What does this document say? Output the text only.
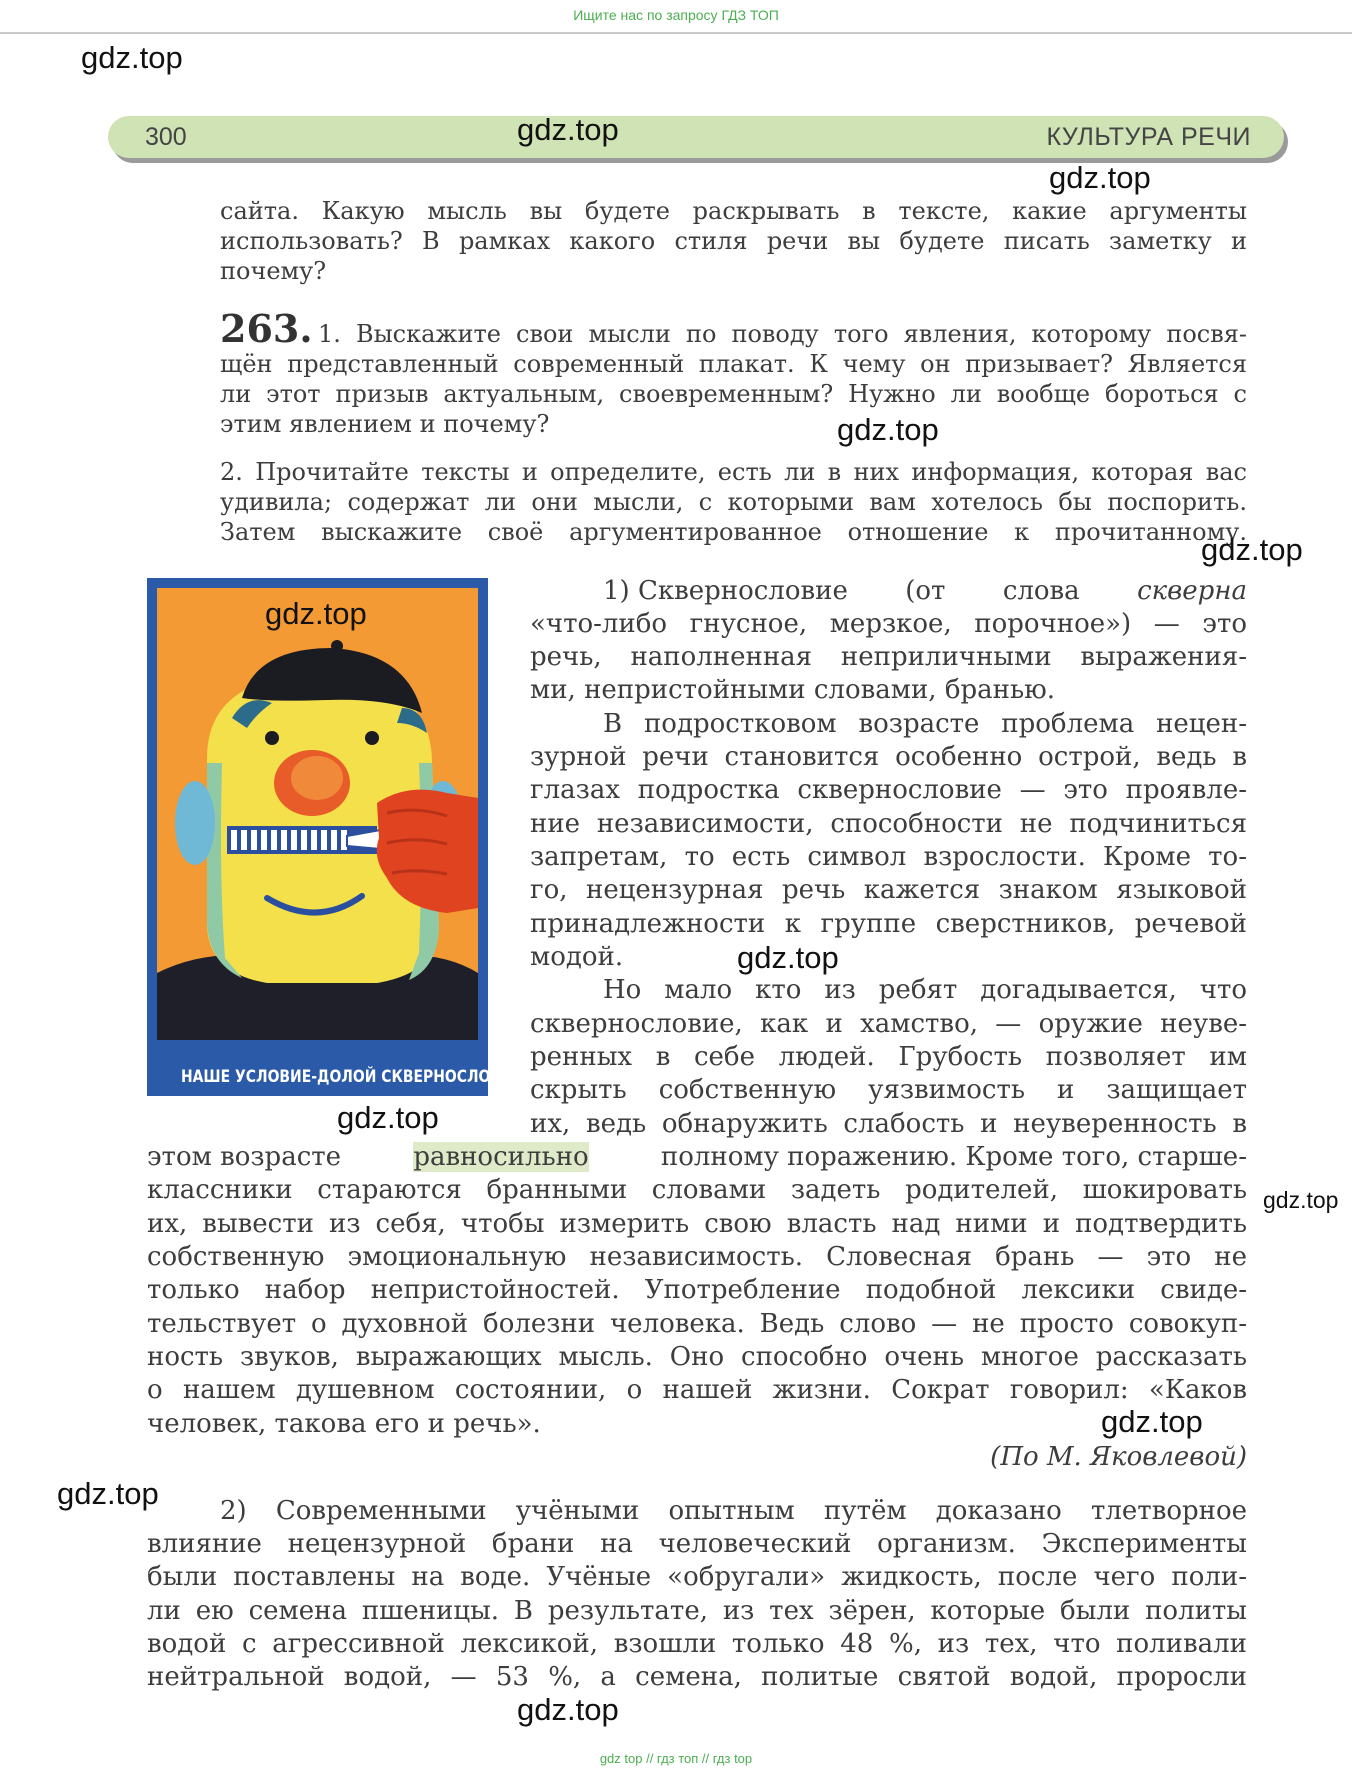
Ищите нас по запросу ГДЗ ТОП
300	КУЛЬТУРА РЕЧИ
сайта. Какую мысль вы будете раскрывать в тексте, какие аргументы
использовать? В рамках какого стиля речи вы будете писать заметку и
почему?
263. 1. Выскажите свои мысли по поводу того явления, которому посвя-
щён представленный современный плакат. К чему он призывает? Является
ли этот призыв актуальным, своевременным? Нужно ли вообще бороться с
этим явлением и почему?
2. Прочитайте тексты и определите, есть ли в них информация, которая вас
удивила; содержат ли они мысли, с которыми вам хотелось бы поспорить.
Затем выскажите своё аргументированное отношение к прочитанному.
НАШЕ УСЛОВИЕ-ДОЛОЙ СКВЕРНОСЛОВИЕ!
1) Сквернословие (от слова скверна
«что-либо гнусное, мерзкое, порочное») — это
речь, наполненная неприличными выражения-
ми, непристойными словами, бранью.
В подростковом возрасте проблема нецен-
зурной речи становится особенно острой, ведь в
глазах подростка сквернословие — это проявле-
ние независимости, способности не подчиниться
запретам, то есть символ взрослости. Кроме то-
го, нецензурная речь кажется знаком языковой
принадлежности к группе сверстников, речевой
модой.
Но мало кто из ребят догадывается, что
сквернословие, как и хамство, — оружие неуве-
ренных в себе людей. Грубость позволяет им
скрыть собственную уязвимость и защищает
их, ведь обнаружить слабость и неуверенность в
этом возрасте	равносильно	полному поражению. Кроме того, старше-
классники стараются бранными словами задеть родителей, шокировать
их, вывести из себя, чтобы измерить свою власть над ними и подтвердить
собственную эмоциональную независимость. Словесная брань — это не
только набор непристойностей. Употребление подобной лексики свиде-
тельствует о духовной болезни человека. Ведь слово — не просто совокуп-
ность звуков, выражающих мысль. Оно способно очень многое рассказать
о нашем душевном состоянии, о нашей жизни. Сократ говорил: «Каков
человек, такова его и речь».
(По М. Яковлевой)
2) Современными учёными опытным путём доказано тлетворное
влияние нецензурной брани на человеческий организм. Эксперименты
были поставлены на воде. Учёные «обругали» жидкость, после чего поли-
ли ею семена пшеницы. В результате, из тех зёрен, которые были политы
водой с агрессивной лексикой, взошли только 48 %, из тех, что поливали
нейтральной водой, — 53 %, а семена, политые святой водой, проросли
gdz.top
gdz.top
gdz.top
gdz.top
gdz.top
gdz.top
gdz.top
gdz.top
gdz.top
gdz.top
gdz.top
gdz.top
gdz top // гдз топ // гдз top
